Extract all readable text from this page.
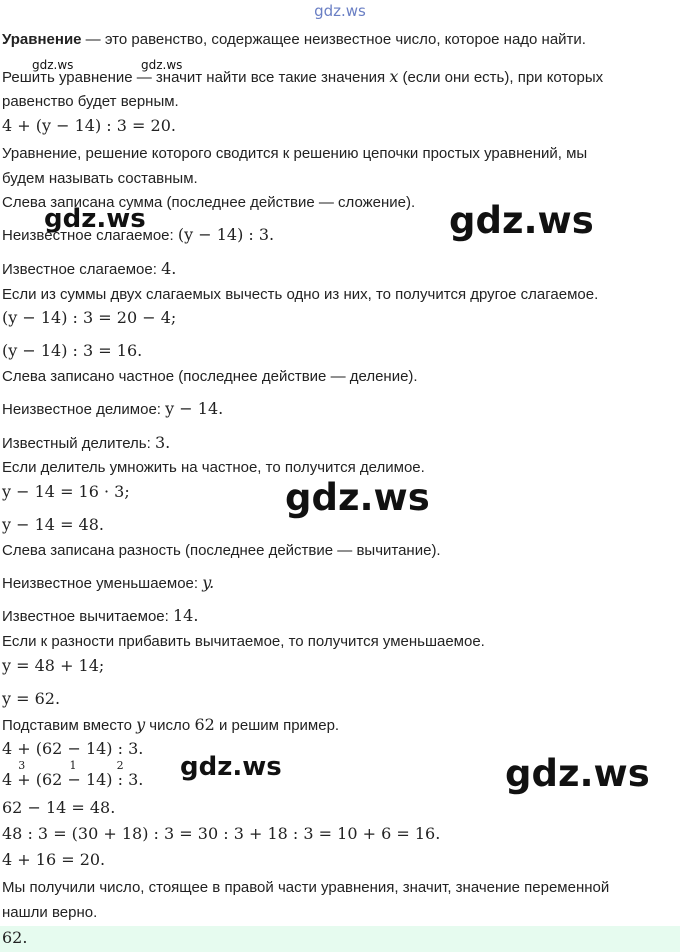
gdz.ws
Уравнение — это равенство, содержащее неизвестное число, которое надо найти.
Решить уравнение — значит найти все такие значения x (если они есть), при которых
равенство будет верным.
4 + (y − 14) : 3 = 20.
Уравнение, решение которого сводится к решению цепочки простых уравнений, мы
будем называть составным.
Слева записана сумма (последнее действие — сложение).
Неизвестное слагаемое: (y − 14) : 3.
Известное слагаемое: 4.
Если из суммы двух слагаемых вычесть одно из них, то получится другое слагаемое.
(y − 14) : 3 = 20 − 4;
(y − 14) : 3 = 16.
Слева записано частное (последнее действие — деление).
Неизвестное делимое: y − 14.
Известный делитель: 3.
Если делитель умножить на частное, то получится делимое.
y − 14 = 16 · 3;
y − 14 = 48.
Слева записана разность (последнее действие — вычитание).
Неизвестное уменьшаемое: y.
Известное вычитаемое: 14.
Если к разности прибавить вычитаемое, то получится уменьшаемое.
y = 48 + 14;
y = 62.
Подставим вместо y число 62 и решим пример.
4 + (62 − 14) : 3.
4 +
3
(62 −
1
14) :
2
3.
62 − 14 = 48.
48 : 3 = (30 + 18) : 3 = 30 : 3 + 18 : 3 = 10 + 6 = 16.
4 + 16 = 20.
Мы получили число, стоящее в правой части уравнения, значит, значение переменной
нашли верно.
62.
gdz.ws	gdz.ws
gdz.ws	gdz.ws
gdz.ws
gdz.ws	gdz.ws
